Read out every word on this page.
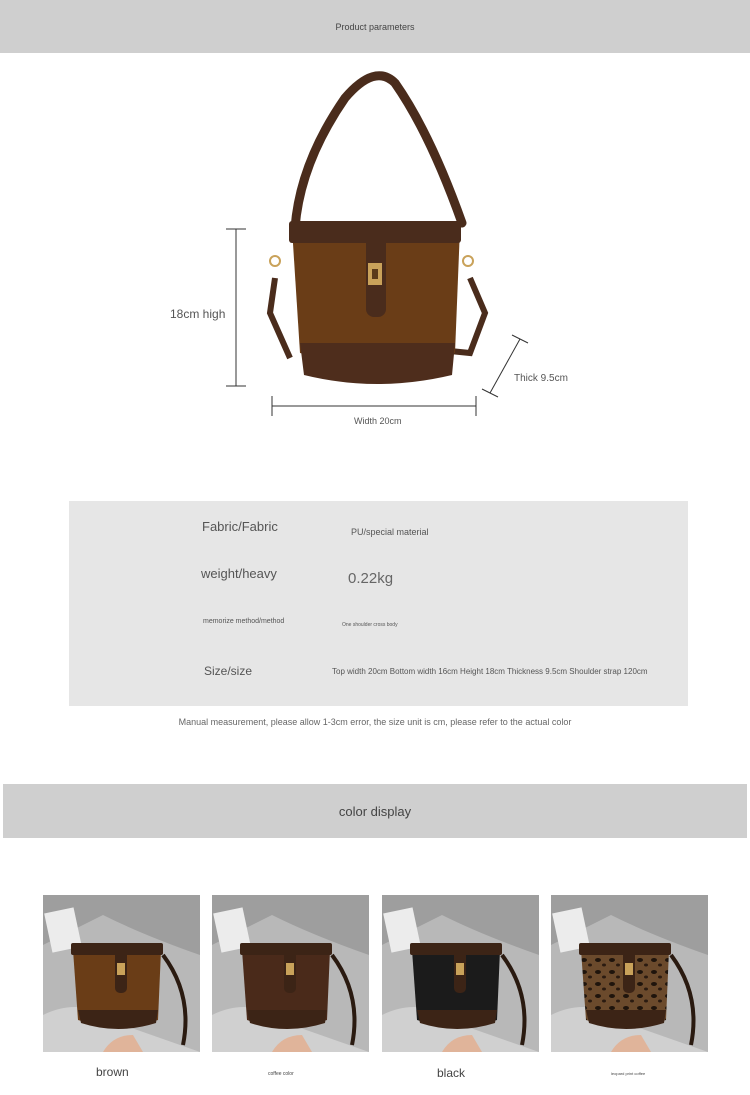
Product parameters
18cm high
Thick 9.5cm
Width 20cm
Fabric/Fabric	PU/special material
weight/heavy	0.22kg
memorize method/method	One shoulder cross body
Size/size	Top width 20cm Bottom width 16cm Height 18cm Thickness 9.5cm Shoulder strap 120cm
Manual measurement, please allow 1-3cm error, the size unit is cm, please refer to the actual color
color display
brown	coffee color	black	leopard print coffee
